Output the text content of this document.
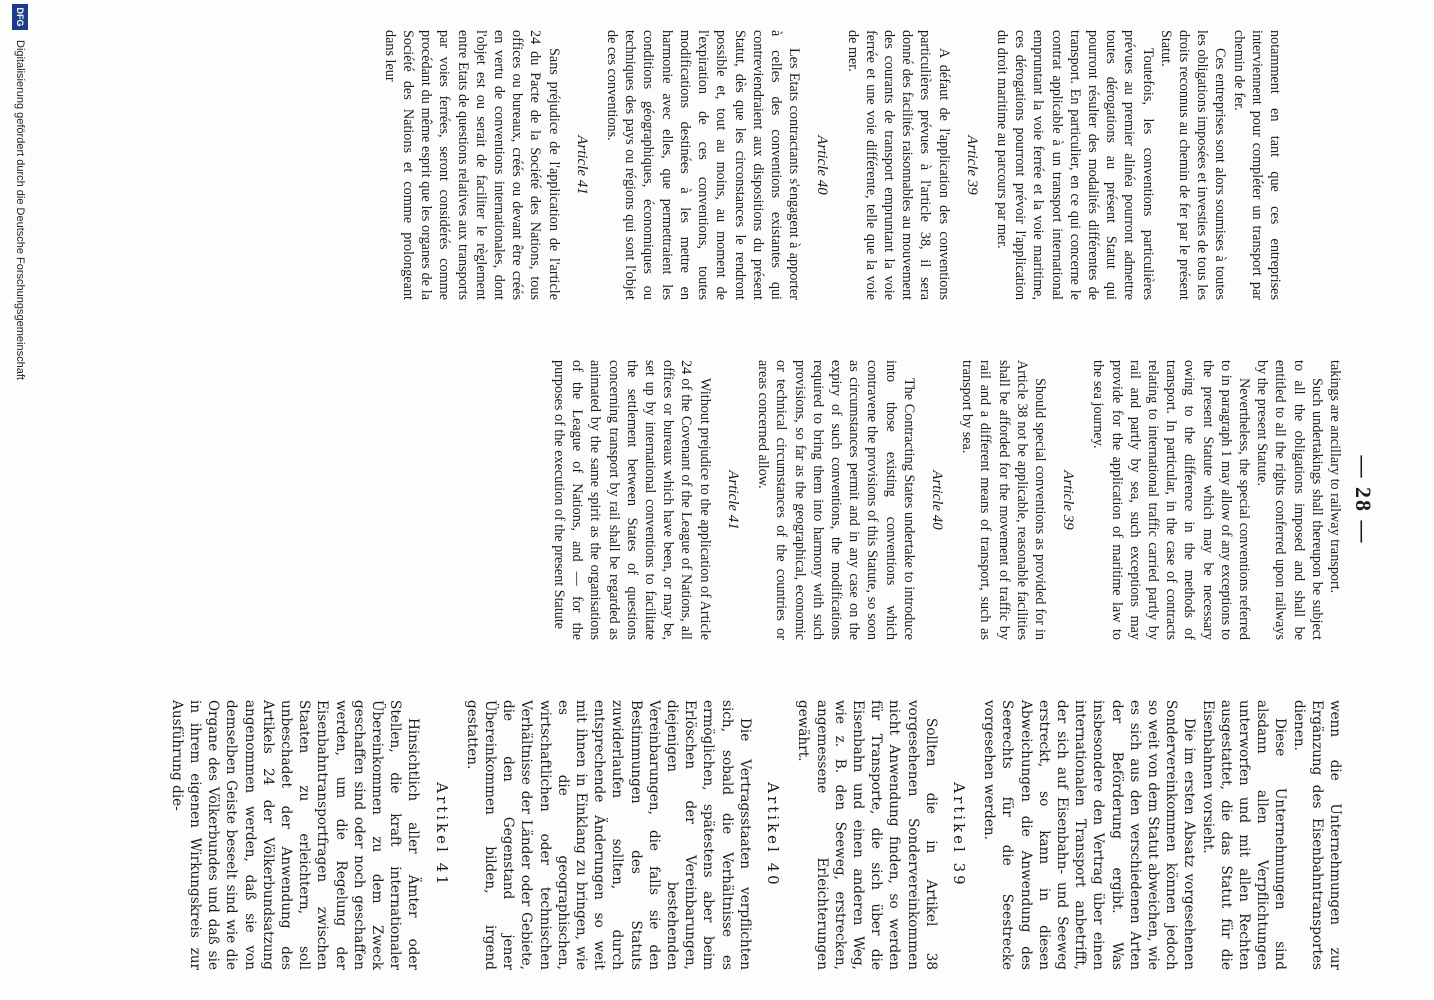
— 28 —

notamment en tant que ces entreprises interviennent pour compléter un transport par chemin de fer.

Ces entreprises sont alors soumises à toutes les obligations imposées et investies de tous les droits reconnus au chemin de fer par le présent Statut.

Toutefois, les conventions particulières prévues au premier alinéa pourront admettre toutes dérogations au présent Statut qui pourront résulter des modalités différentes de transport. En particulier, en ce qui concerne le contrat applicable à un transport international empruntant la voie ferrée et la voie maritime, ces dérogations pourront prévoir l'application du droit maritime au parcours par mer.

Article 39

A défaut de l'application des conventions particulières prévues à l'article 38, il sera donné des facilités raisonnables au mouvement des courants de transport empruntant la voie ferrée et une voie différente, telle que la voie de mer.

Article 40

Les Etats contractants s'engagent à apporter à celles des conventions existantes qui contreviendraient aux dispositions du présent Statut, dès que les circonstances le rendront possible et, tout au moins, au moment de l'expiration de ces conventions, toutes modifications destinées à les mettre en harmonie avec elles, que permettraient les conditions géographiques, économiques ou techniques des pays ou régions qui sont l'objet de ces conventions.

Article 41

Sans préjudice de l'application de l'article 24 du Pacte de la Société des Nations, tous offices ou bureaux, créés ou devant être créés en vertu de conventions internationales, dont l'objet est ou serait de faciliter le règlement entre Etats de questions relatives aux transports par voies ferrées, seront considérés comme procédant du même esprit que les organes de la Société des Nations et comme prolongeant dans leur

takings are ancillary to railway transport.

Such undertakings shall thereupon be subject to all the obligations imposed and shall be entitled to all the rights conferred upon railways by the present Statute.

Nevertheless, the special conventions referred to in paragraph 1 may allow of any exceptions to the present Statute which may be necessary owing to the difference in the methods of transport. In particular, in the case of contracts relating to international traffic carried partly by rail and partly by sea, such exceptions may provide for the application of maritime law to the sea journey.

Article 39

Should special conventions as provided for in Article 38 not be applicable, reasonable facilities shall be afforded for the movement of traffic by rail and a different means of transport, such as transport by sea.

Article 40

The Contracting States undertake to introduce into those existing conventions which contravene the provisions of this Statute, so soon as circumstances permit and in any case on the expiry of such conventions, the modifications required to bring them into harmony with such provisions, so far as the geographical, economic or technical circumstances of the countries or areas concerned allow.

Article 41

Without prejudice to the application of Article 24 of the Covenant of the League of Nations, all offices or bureaux which have been, or may be, set up by international conventions to facilitate the settlement between States of questions concerning transport by rail shall be regarded as animated by the same spirit as the organisations of the League of Nations, and — for the purposes of the execution of the present Statute

wenn die Unternehmungen zur Ergänzung des Eisenbahntransportes dienen.

Diese Unternehmungen sind alsdann allen Verpflichtungen unterworfen und mit allen Rechten ausgestattet, die das Statut für die Eisenbahnen vorsieht.

Die im ersten Absatz vorgesehenen Sondervereinkommen können jedoch so weit von dem Statut abweichen, wie es sich aus den verschiedenen Arten der Beförderung ergibt. Was insbesondere den Vertrag über einen internationalen Transport anbetrifft, der sich auf Eisenbahn- und Seeweg erstreckt, so kann in diesen Abweichungen die Anwendung des Seerechts für die Seestrecke vorgesehen werden.

Artikel 39

Sollten die in Artikel 38 vorgesehenen Sondervereinkommen nicht Anwendung finden, so werden für Transporte, die sich über die Eisenbahn und einen anderen Weg, wie z. B. den Seeweg, erstrecken, angemessene Erleichterungen gewährt.

Artikel 40

Die Vertragsstaaten verpflichten sich, sobald die Verhältnisse es ermöglichen, spätestens aber beim Erlöschen der Vereinbarungen, diejenigen bestehenden Vereinbarungen, die falls sie den Bestimmungen des Statuts zuwiderlaufen sollten, durch entsprechende Änderungen so weit mit ihnen in Einklang zu bringen, wie es die geographischen, wirtschaftlichen oder technischen Verhältnisse der Länder oder Gebiete, die den Gegenstand jener Übereinkommen bilden, irgend gestatten.

Artikel 41

Hinsichtlich aller Ämter oder Stellen, die kraft internationaler Übereinkommen zu dem Zweck geschaffen sind oder noch geschaffen werden, um die Regelung der Eisenbahntransportfragen zwischen Staaten zu erleichtern, soll unbeschadet der Anwendung des Artikels 24 der Völkerbundsatzung angenommen werden, daß sie von demselben Geiste beseelt sind wie die Organe des Völkerbundes und daß sie in ihrem eigenen Wirkungskreis zur Ausführung die-

DFG
Digitalisierung gefördert durch die Deutsche Forschungsgemeinschaft
